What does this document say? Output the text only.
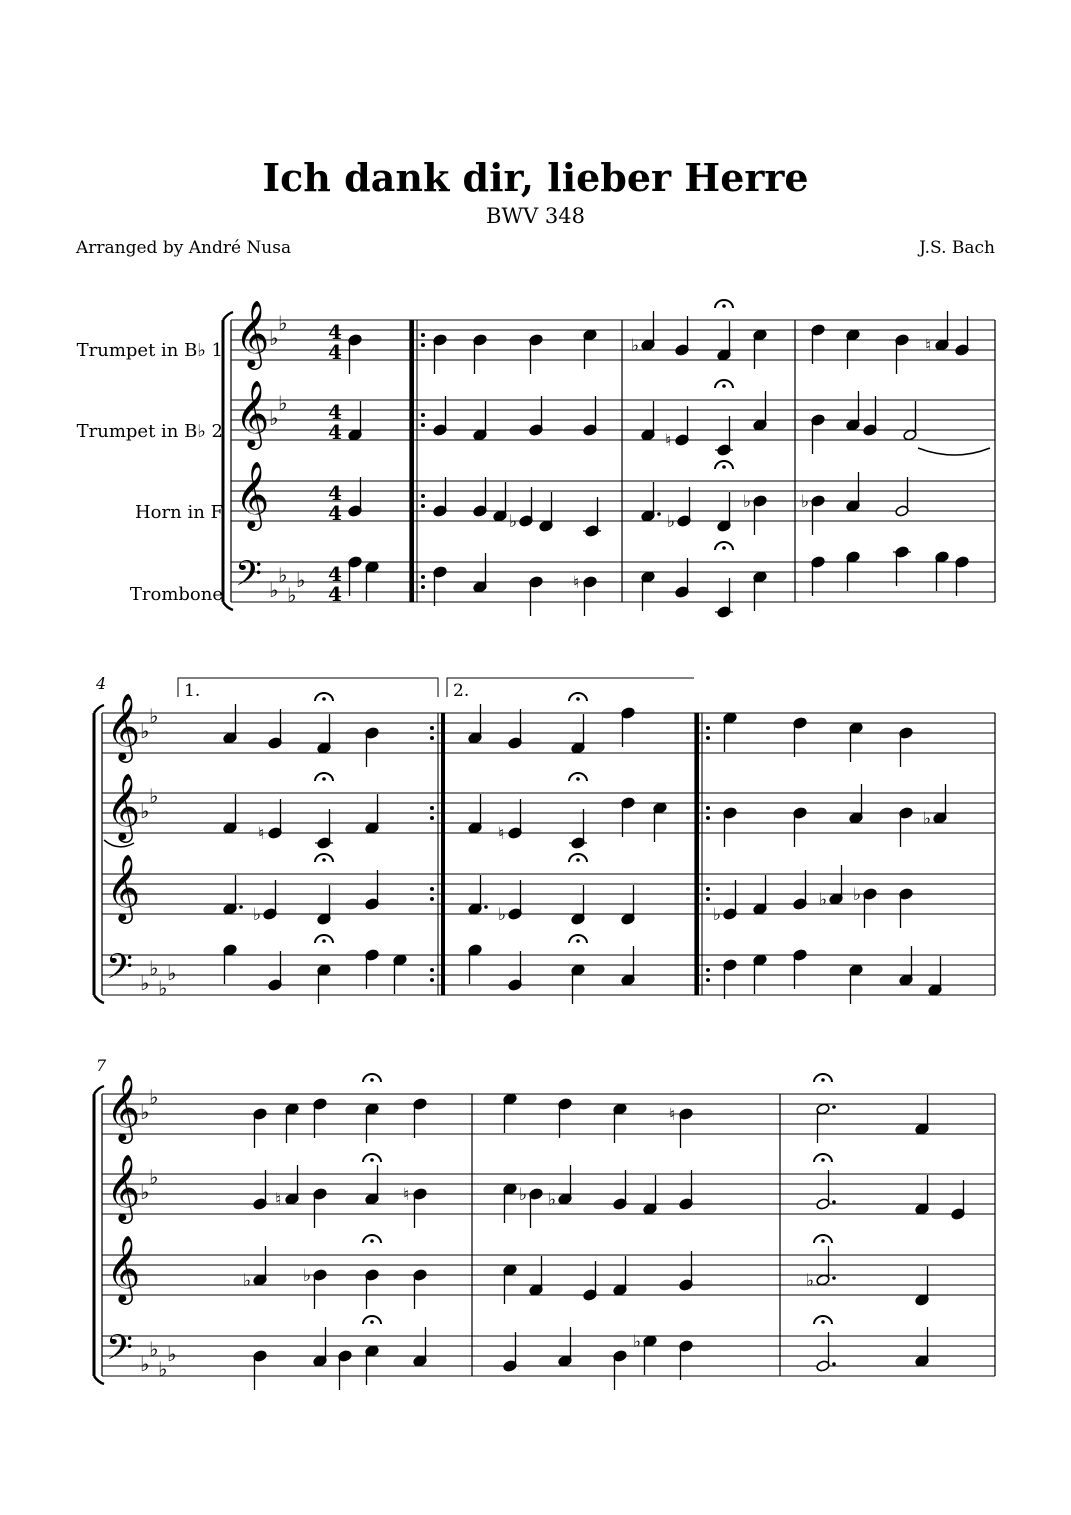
Ich dank dir, lieber Herre
BWV 348
Arranged by André Nusa	J.S. Bach
Trumpet in B♭ 1
Trumpet in B♭ 2
Horn in F
Trombone
4
7
𝄞 ♭
♭ 4
4
𝄞 ♭
♭ 4
4
𝄞	4
4
𝄢 ♭
♭
♭
♭ 4
4
𝄞 ♭
♭
𝄞 ♭
♭
𝄞
𝄢 ♭
♭
♭
♭
𝄞 ♭
♭
𝄞 ♭
♭
𝄞
𝄢 ♭
♭
♭
♭
1.	2.
♭	♮
♮
♭	♭
♭	♭
♮
♮	♮
♭
♭	♭	♭
♭ ♭
♮
♮	♮	♭ ♭
♭	♭	♭
♭
